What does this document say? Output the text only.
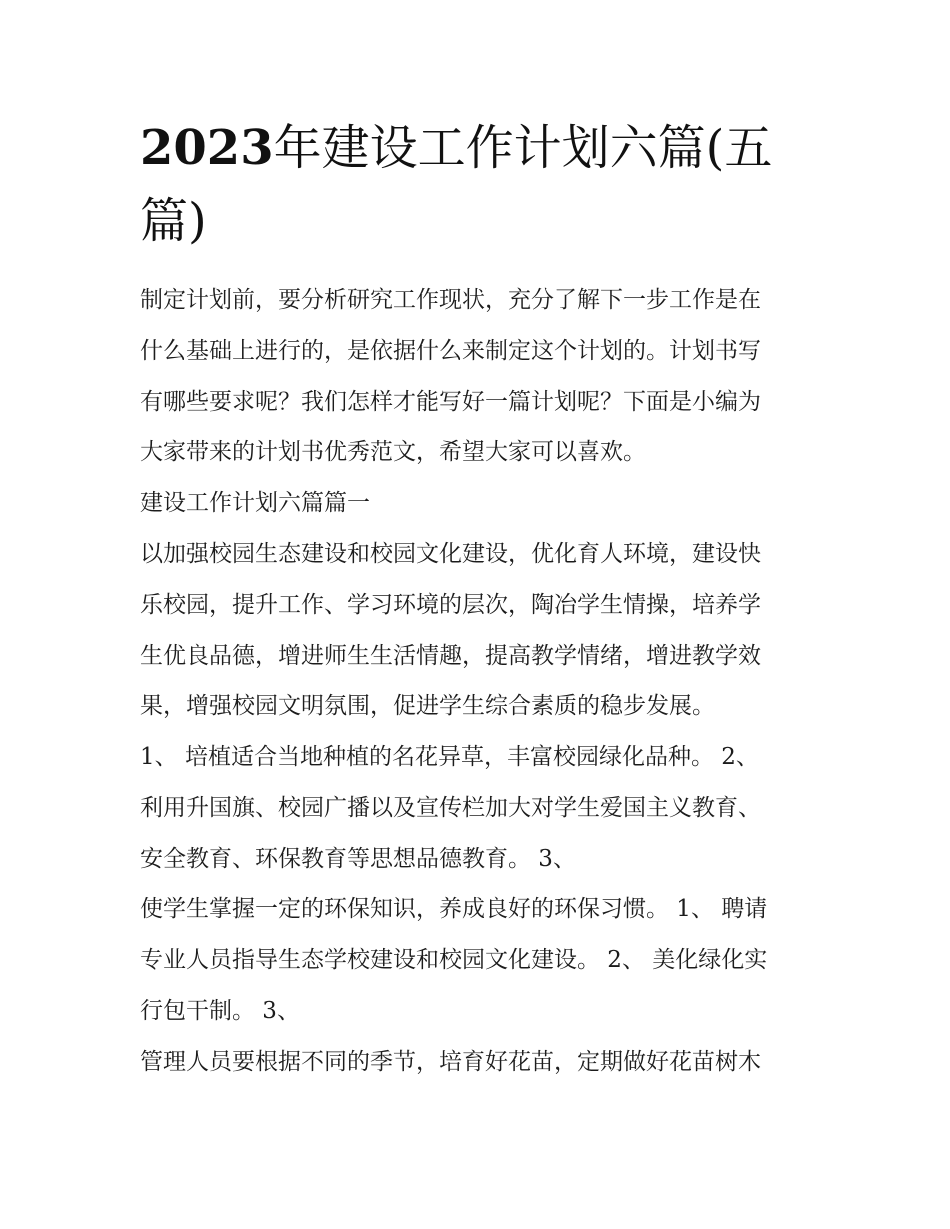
2023年建设工作计划六篇(五
篇)

制定计划前，要分析研究工作现状，充分了解下一步工作是在

什么基础上进行的，是依据什么来制定这个计划的。计划书写

有哪些要求呢？我们怎样才能写好一篇计划呢？下面是小编为

大家带来的计划书优秀范文，希望大家可以喜欢。

建设工作计划六篇篇一

以加强校园生态建设和校园文化建设，优化育人环境，建设快

乐校园，提升工作、学习环境的层次，陶冶学生情操，培养学

生优良品德，增进师生生活情趣，提高教学情绪，增进教学效

果，增强校园文明氛围，促进学生综合素质的稳步发展。

1、 培植适合当地种植的名花异草，丰富校园绿化品种。 2、

利用升国旗、校园广播以及宣传栏加大对学生爱国主义教育、

安全教育、环保教育等思想品德教育。 3、

使学生掌握一定的环保知识，养成良好的环保习惯。 1、 聘请

专业人员指导生态学校建设和校园文化建设。 2、 美化绿化实

行包干制。 3、

管理人员要根据不同的季节，培育好花苗，定期做好花苗树木
